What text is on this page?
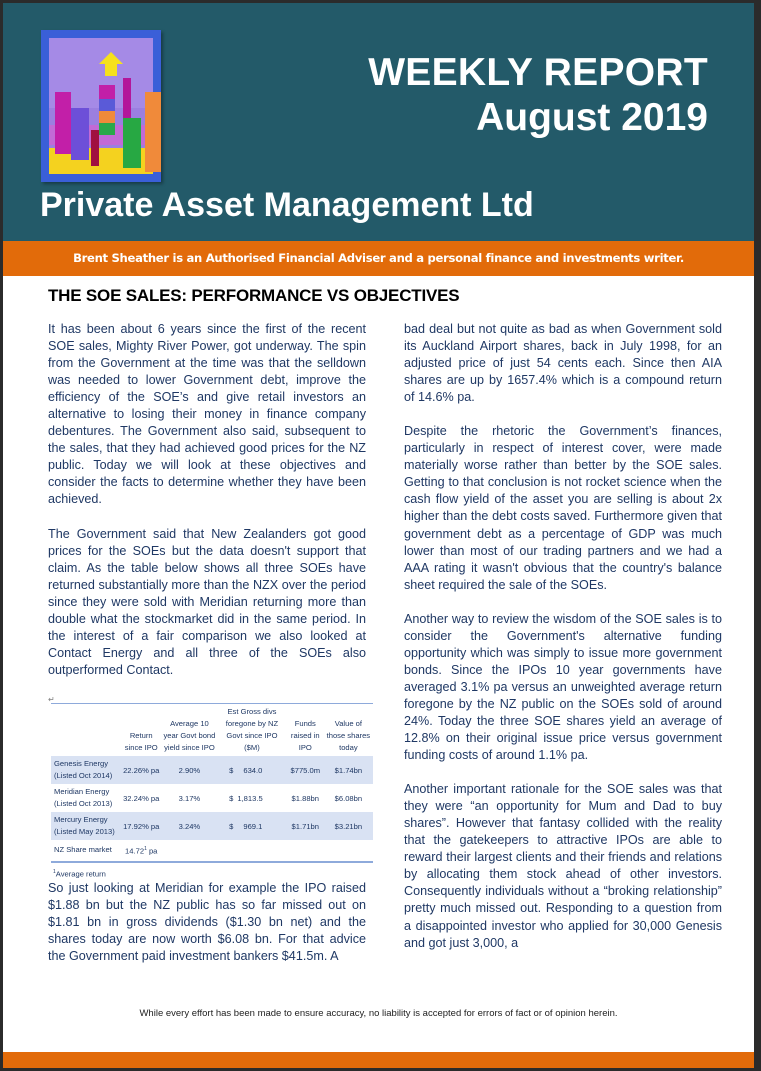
WEEKLY REPORT
August 2019
Private Asset Management Ltd
Brent Sheather is an Authorised Financial Adviser and a personal finance and investments writer.
THE SOE SALES: PERFORMANCE VS OBJECTIVES

It has been about 6 years since the first of the recent SOE sales, Mighty River Power, got underway. The spin from the Government at the time was that the selldown was needed to lower Government debt, improve the efficiency of the SOE’s and give retail investors an alternative to losing their money in finance company debentures. The Government also said, subsequent to the sales, that they had achieved good prices for the NZ public. Today we will look at these objectives and consider the facts to determine whether they have been achieved.

The Government said that New Zealanders got good prices for the SOEs but the data doesn't support that claim. As the table below shows all three SOEs have returned substantially more than the NZX over the period since they were sold with Meridian returning more than double what the stockmarket did in the same period. In the interest of a fair comparison we also looked at Contact Energy and all three of the SOEs also outperformed Contact.

↵
	Return since IPO	Average 10 year Govt bond yield since IPO	Est Gross divs foregone by NZ Govt since IPO ($M)	Funds raised in IPO	Value of those shares today
Genesis Energy
(Listed Oct 2014)	22.26% pa	2.90%	$ 634.0	$775.0m	$1.74bn
Meridian Energy
(Listed Oct 2013)	32.24% pa	3.17%	$ 1,813.5	$1.88bn	$6.08bn
Mercury Energy
(Listed May 2013)	17.92% pa	3.24%	$ 969.1	$1.71bn	$3.21bn
NZ Share market	14.72$^1$ pa				
$^1$Average return

So just looking at Meridian for example the IPO raised $1.88 bn but the NZ public has so far missed out on $1.81 bn in gross dividends ($1.30 bn net) and the shares today are now worth $6.08 bn. For that advice the Government paid investment bankers $41.5m. A

bad deal but not quite as bad as when Government sold its Auckland Airport shares, back in July 1998, for an adjusted price of just 54 cents each. Since then AIA shares are up by 1657.4% which is a compound return of 14.6% pa.

Despite the rhetoric the Government’s finances, particularly in respect of interest cover, were made materially worse rather than better by the SOE sales. Getting to that conclusion is not rocket science when the cash flow yield of the asset you are selling is about 2x higher than the debt costs saved. Furthermore given that government debt as a percentage of GDP was much lower than most of our trading partners and we had a AAA rating it wasn't obvious that the country's balance sheet required the sale of the SOEs.

Another way to review the wisdom of the SOE sales is to consider the Government's alternative funding opportunity which was simply to issue more government bonds. Since the IPOs 10 year governments have averaged 3.1% pa versus an unweighted average return foregone by the NZ public on the SOEs sold of around 24%. Today the three SOE shares yield an average of 12.8% on their original issue price versus government funding costs of around 1.1% pa.

Another important rationale for the SOE sales was that they were “an opportunity for Mum and Dad to buy shares”. However that fantasy collided with the reality that the gatekeepers to attractive IPOs are able to reward their largest clients and their friends and relations by allocating them stock ahead of other investors. Consequently individuals without a “broking relationship” pretty much missed out. Responding to a question from a disappointed investor who applied for 30,000 Genesis and got just 3,000, a

While every effort has been made to ensure accuracy, no liability is accepted for errors of fact or of opinion herein.
